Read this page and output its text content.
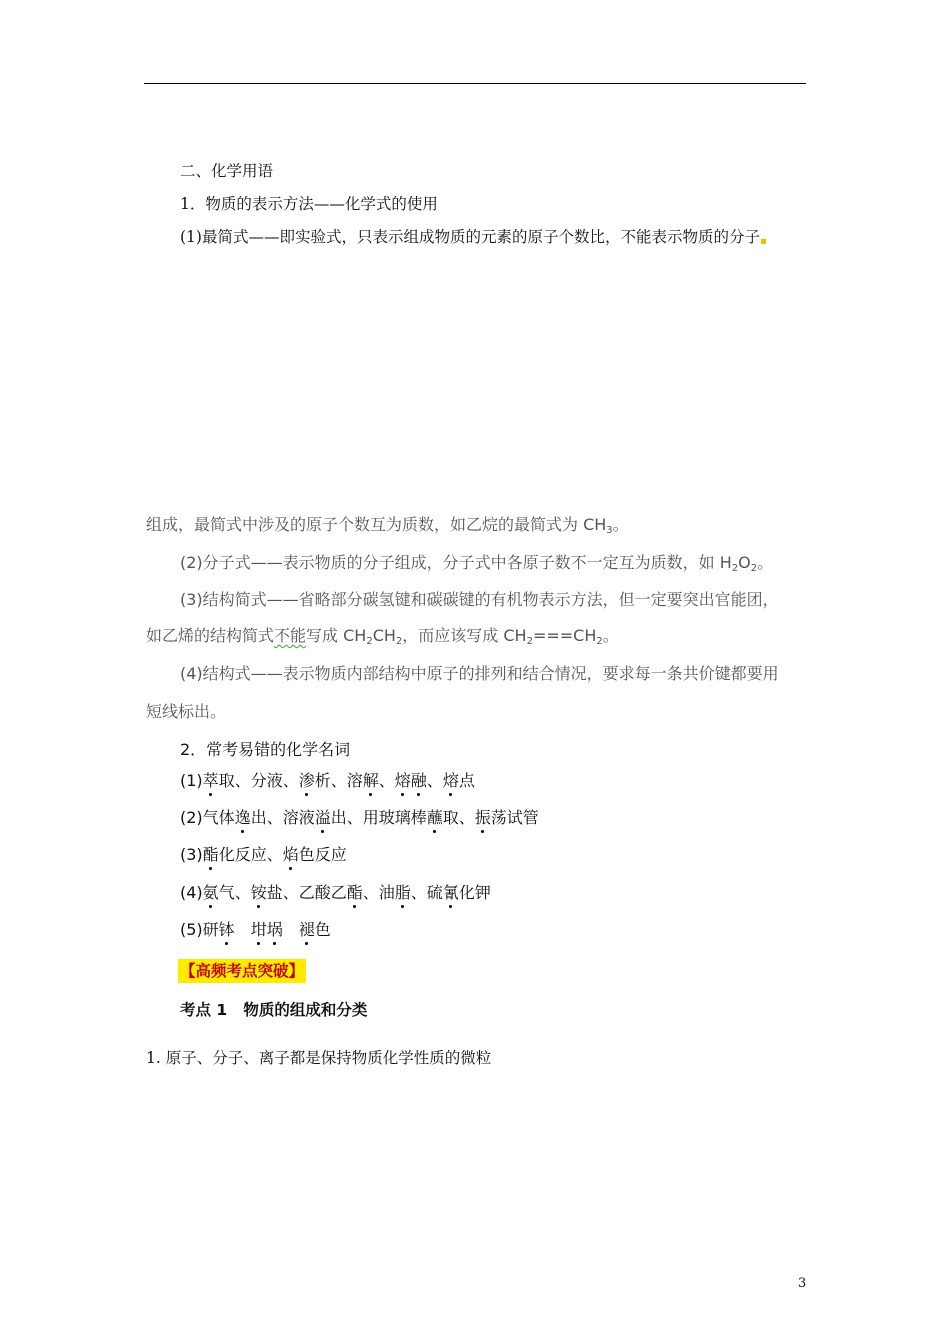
二、化学用语
1．物质的表示方法——化学式的使用
(1)最简式——即实验式，只表示组成物质的元素的原子个数比，不能表示物质的分子
组成，最简式中涉及的原子个数互为质数，如乙烷的最简式为 $CH_3$。
(2)分子式——表示物质的分子组成，分子式中各原子数不一定互为质数，如 $H_2O_2$。
(3)结构简式——省略部分碳氢键和碳碳键的有机物表示方法，但一定要突出官能团，
如乙烯的结构简式不能写成 $CH_2CH_2$，而应该写成 $CH_2===CH_2$。
(4)结构式——表示物质内部结构中原子的排列和结合情况，要求每一条共价键都要用
短线标出。
2．常考易错的化学名词
(1)萃取、分液、渗析、溶解、熔融、熔点
(2)气体逸出、溶液溢出、用玻璃棒蘸取、振荡试管
(3)酯化反应、焰色反应
(4)氨气、铵盐、乙酸乙酯、油脂、硫氰化钾
(5)研钵　 坩埚　 褪色
【高频考点突破】
考点 1 物质的组成和分类
1. 原子、分子、离子都是保持物质化学性质的微粒
3
